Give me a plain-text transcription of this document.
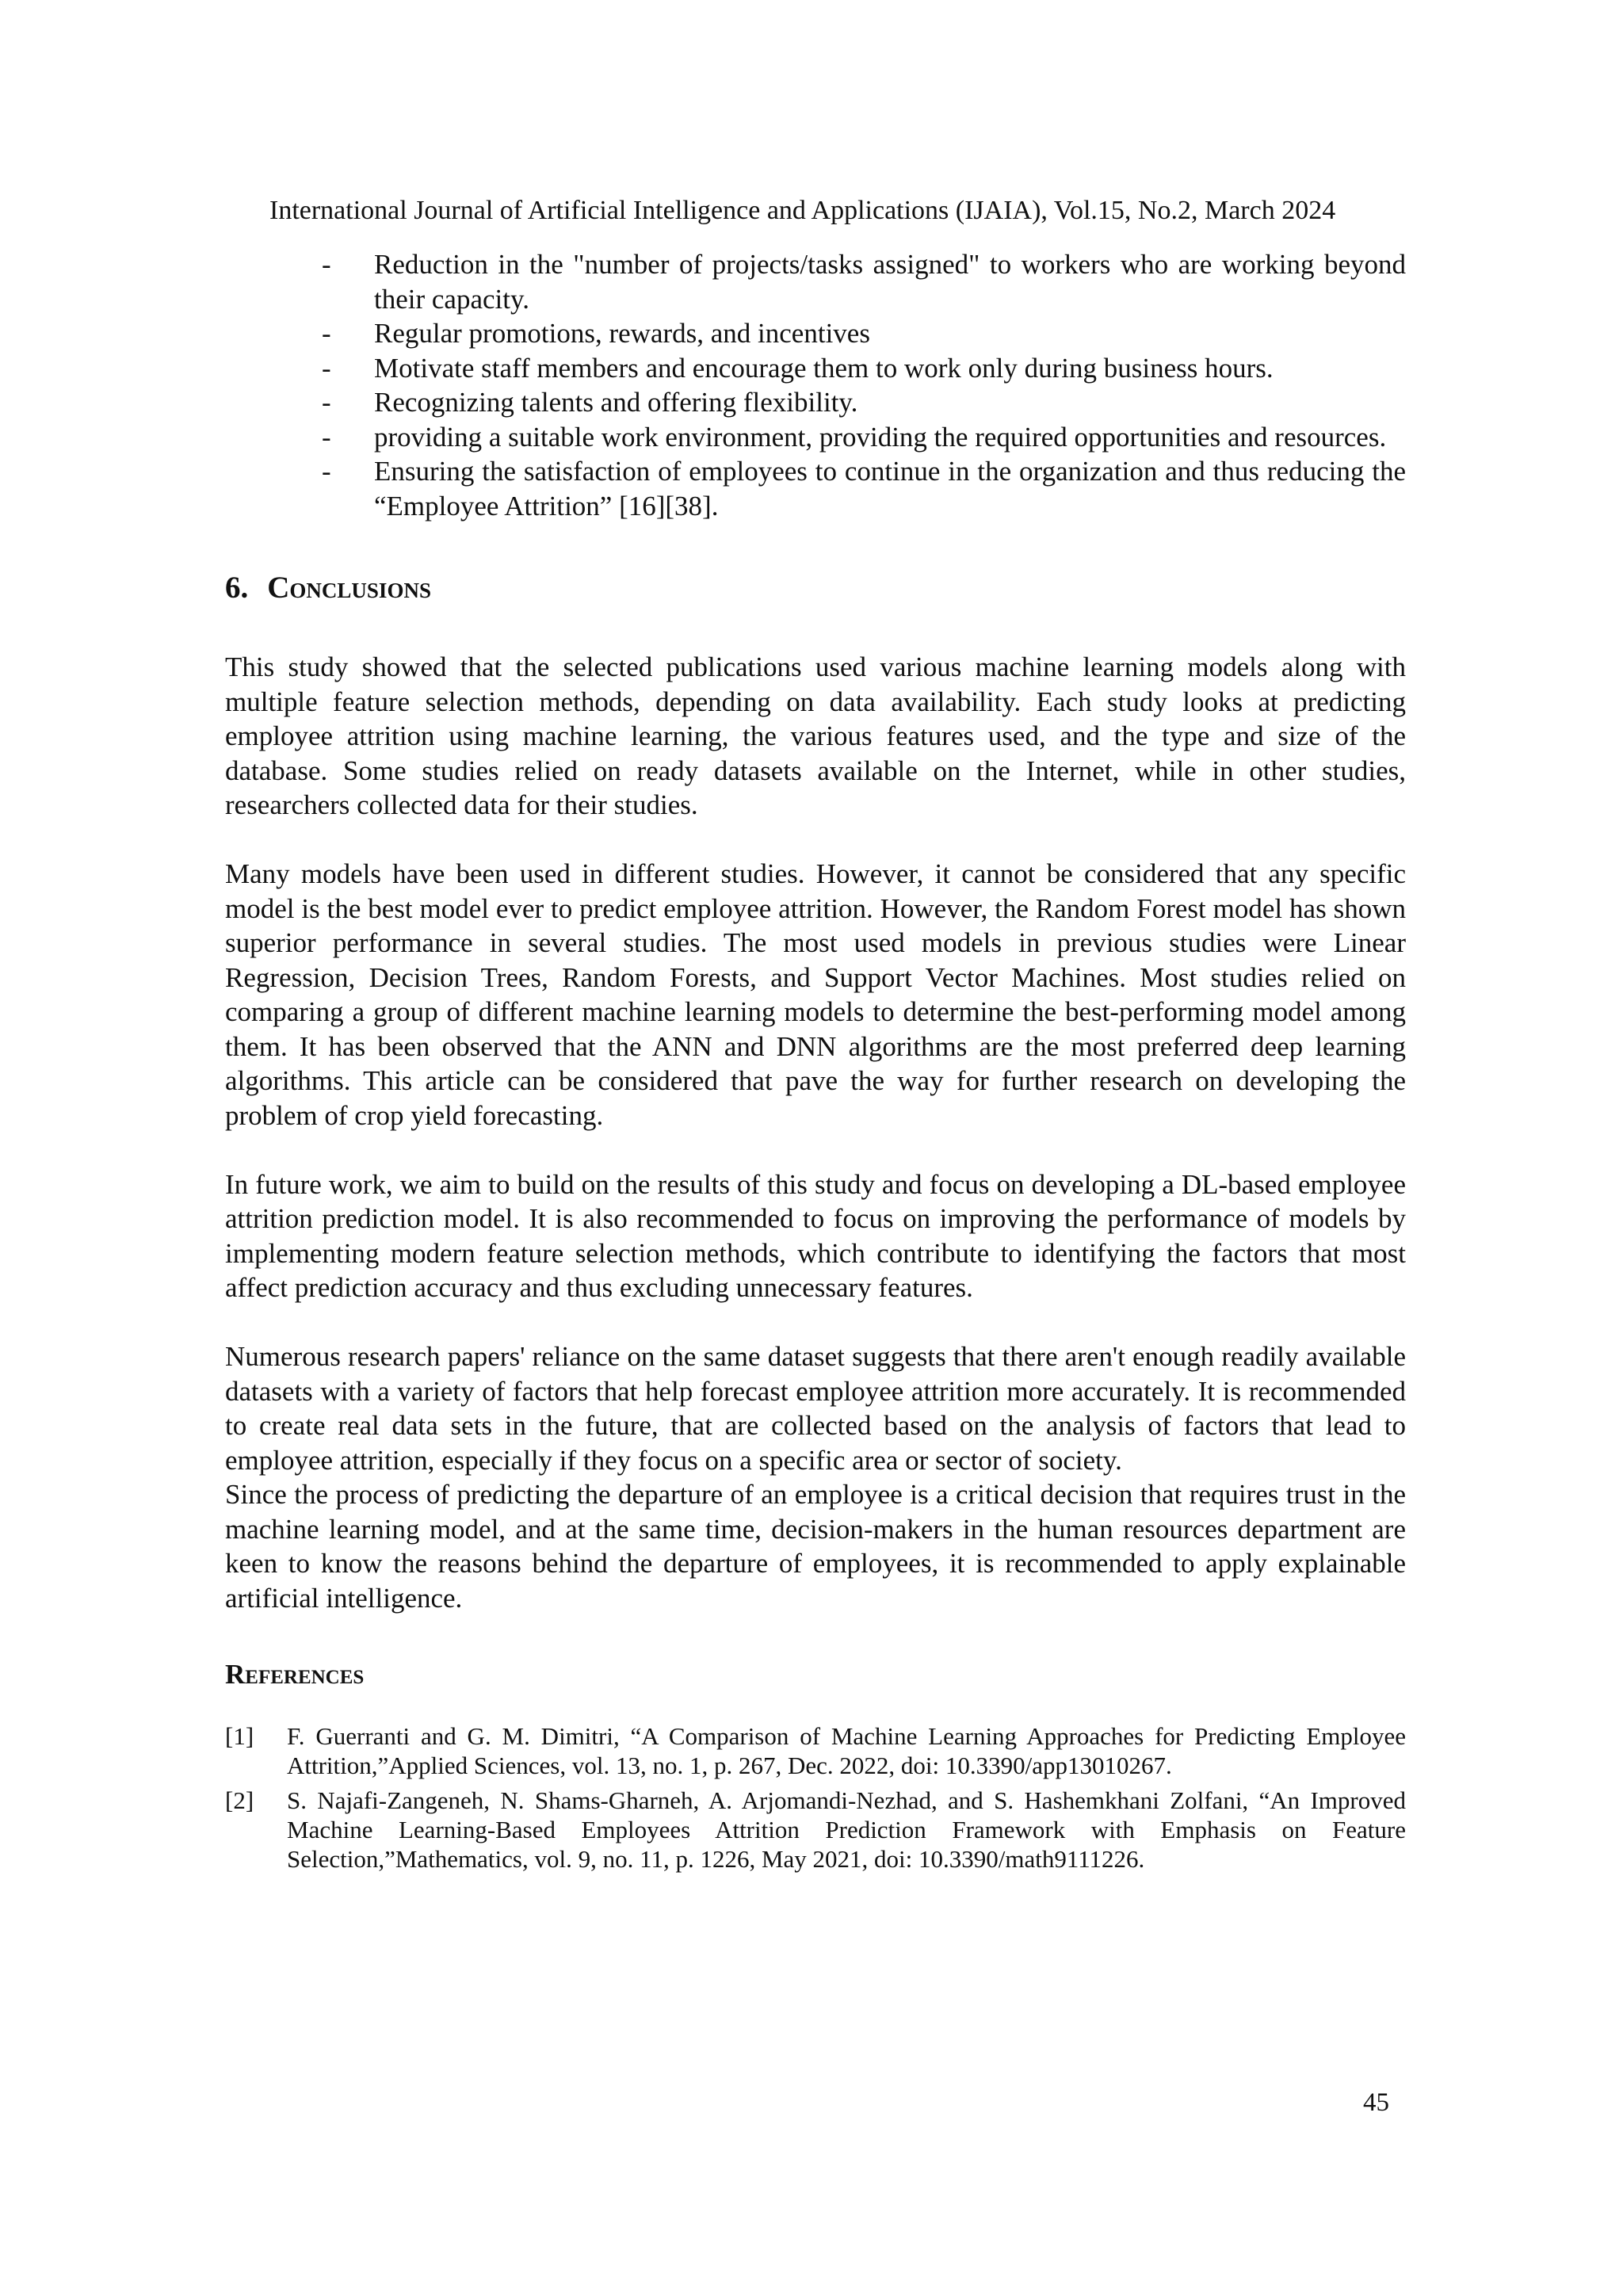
International Journal of Artificial Intelligence and Applications (IJAIA), Vol.15, No.2, March 2024
- Reduction in the "number of projects/tasks assigned" to workers who are working beyond their capacity.
- Regular promotions, rewards, and incentives
- Motivate staff members and encourage them to work only during business hours.
- Recognizing talents and offering flexibility.
- providing a suitable work environment, providing the required opportunities and resources.
- Ensuring the satisfaction of employees to continue in the organization and thus reducing the “Employee Attrition” [16][38].
6. Conclusions

This study showed that the selected publications used various machine learning models along with multiple feature selection methods, depending on data availability. Each study looks at predicting employee attrition using machine learning, the various features used, and the type and size of the database. Some studies relied on ready datasets available on the Internet, while in other studies, researchers collected data for their studies.

Many models have been used in different studies. However, it cannot be considered that any specific model is the best model ever to predict employee attrition. However, the Random Forest model has shown superior performance in several studies. The most used models in previous studies were Linear Regression, Decision Trees, Random Forests, and Support Vector Machines. Most studies relied on comparing a group of different machine learning models to determine the best-performing model among them. It has been observed that the ANN and DNN algorithms are the most preferred deep learning algorithms. This article can be considered that pave the way for further research on developing the problem of crop yield forecasting.

In future work, we aim to build on the results of this study and focus on developing a DL-based employee attrition prediction model. It is also recommended to focus on improving the performance of models by implementing modern feature selection methods, which contribute to identifying the factors that most affect prediction accuracy and thus excluding unnecessary features.

Numerous research papers' reliance on the same dataset suggests that there aren't enough readily available datasets with a variety of factors that help forecast employee attrition more accurately. It is recommended to create real data sets in the future, that are collected based on the analysis of factors that lead to employee attrition, especially if they focus on a specific area or sector of society.

Since the process of predicting the departure of an employee is a critical decision that requires trust in the machine learning model, and at the same time, decision-makers in the human resources department are keen to know the reasons behind the departure of employees, it is recommended to apply explainable artificial intelligence.

References
[1] F. Guerranti and G. M. Dimitri, “A Comparison of Machine Learning Approaches for Predicting Employee Attrition,”Applied Sciences, vol. 13, no. 1, p. 267, Dec. 2022, doi: 10.3390/app13010267.
[2] S. Najafi-Zangeneh, N. Shams-Gharneh, A. Arjomandi-Nezhad, and S. Hashemkhani Zolfani, “An Improved Machine Learning-Based Employees Attrition Prediction Framework with Emphasis on Feature Selection,”Mathematics, vol. 9, no. 11, p. 1226, May 2021, doi: 10.3390/math9111226.
45
